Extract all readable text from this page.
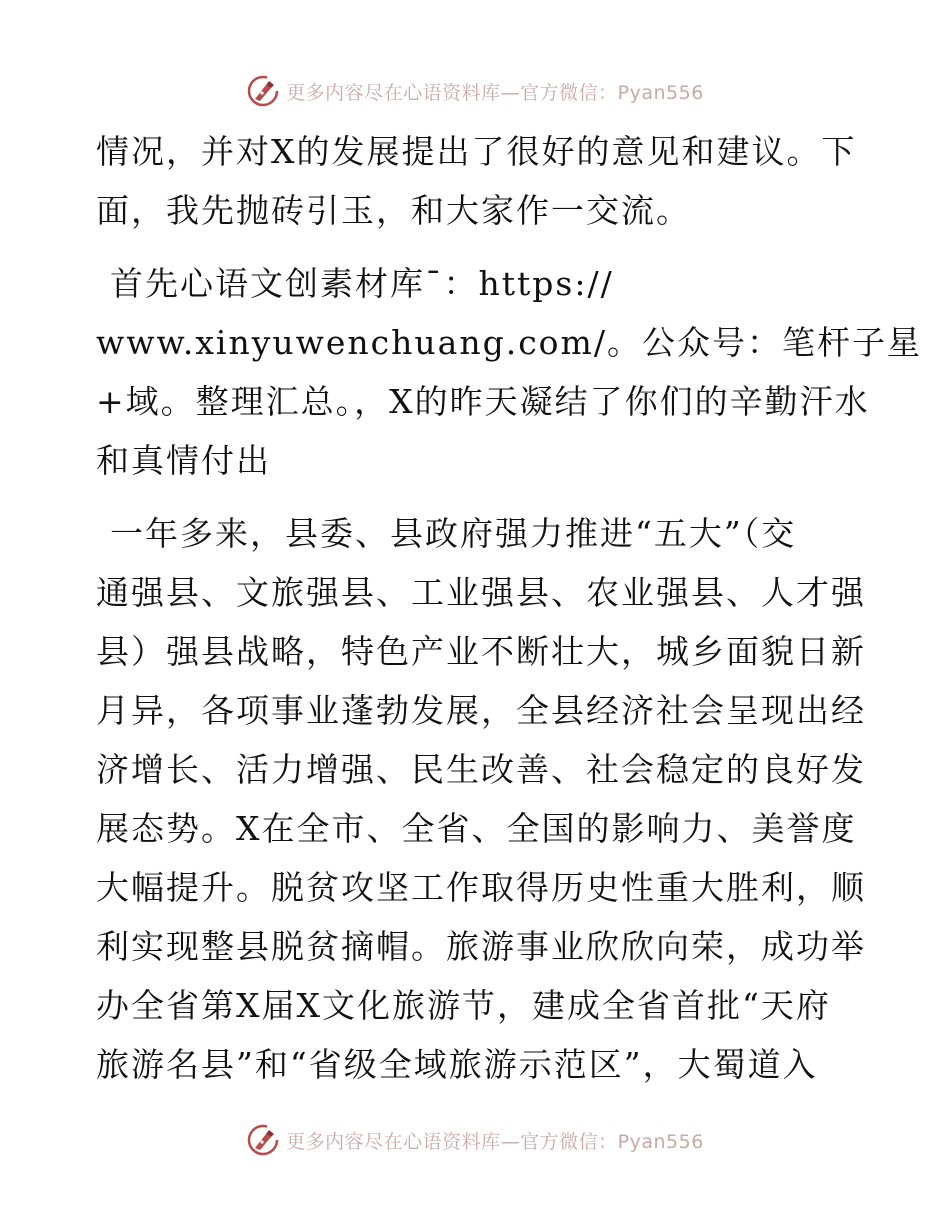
更多内容尽在心语资料库—官方微信：Pyan556
情况，并对X的发展提出了很好的意见和建议。下
面，我先抛砖引玉，和大家作一交流。
首先心语文创素材库¯：https://
www.xinyuwenchuang.com/。公众号：笔杆子星
+域。整理汇总。，X的昨天凝结了你们的辛勤汗水
和真情付出
一年多来，县委、县政府强力推进“五大”（交
通强县、文旅强县、工业强县、农业强县、人才强
县）强县战略，特色产业不断壮大，城乡面貌日新
月异，各项事业蓬勃发展，全县经济社会呈现出经
济增长、活力增强、民生改善、社会稳定的良好发
展态势。X在全市、全省、全国的影响力、美誉度
大幅提升。脱贫攻坚工作取得历史性重大胜利，顺
利实现整县脱贫摘帽。旅游事业欣欣向荣，成功举
办全省第X届X文化旅游节，建成全省首批“天府
旅游名县”和“省级全域旅游示范区”，大蜀道入
更多内容尽在心语资料库—官方微信：Pyan556
